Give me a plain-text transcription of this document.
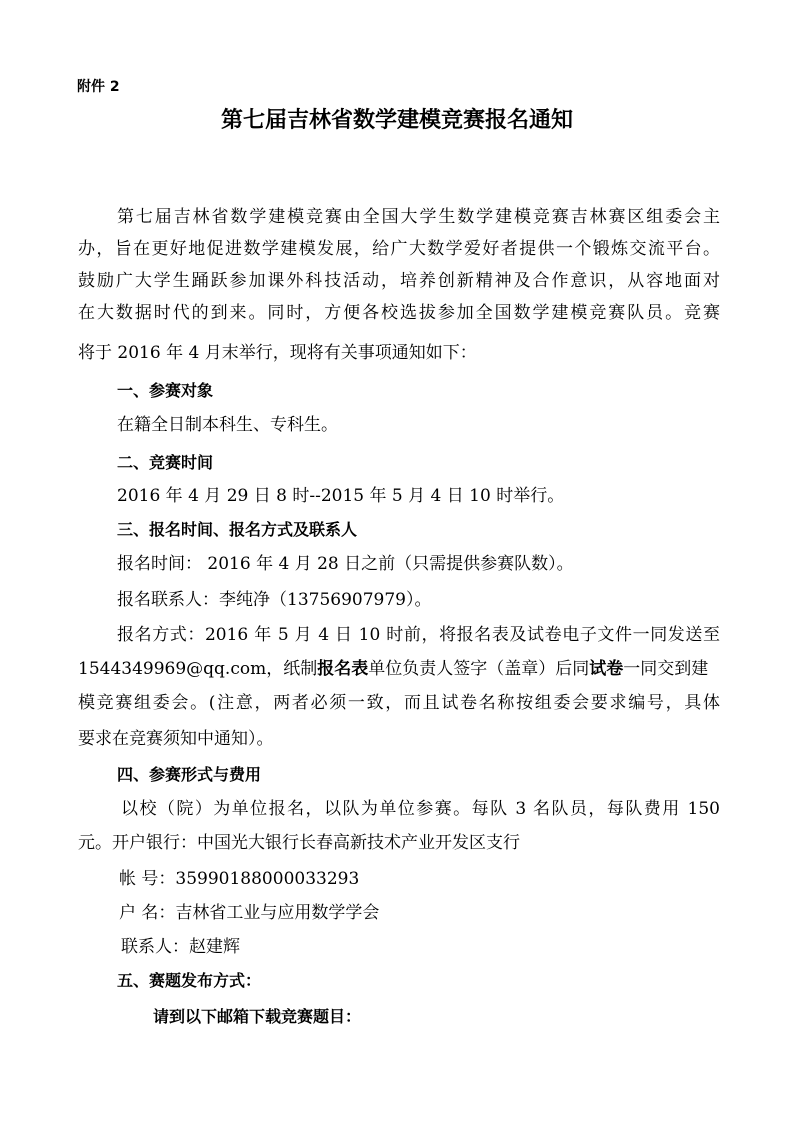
附件 2
第七届吉林省数学建模竞赛报名通知
第七届吉林省数学建模竞赛由全国大学生数学建模竞赛吉林赛区组委会主
办，旨在更好地促进数学建模发展，给广大数学爱好者提供一个锻炼交流平台。
鼓励广大学生踊跃参加课外科技活动，培养创新精神及合作意识，从容地面对
在大数据时代的到来。同时，方便各校选拔参加全国数学建模竞赛队员。竞赛
将于 2016 年 4 月末举行，现将有关事项通知如下：
一、参赛对象
在籍全日制本科生、专科生。
二、竞赛时间
2016 年 4 月 29 日 8 时--2015 年 5 月 4 日 10 时举行。
三、报名时间、报名方式及联系人
报名时间： 2016 年 4 月 28 日之前（只需提供参赛队数）。
报名联系人：李纯净（13756907979）。
报名方式：2016 年 5 月 4 日 10 时前，将报名表及试卷电子文件一同发送至
1544349969@qq.com，纸制报名表单位负责人签字（盖章）后同试卷一同交到建
模竞赛组委会。(注意，两者必须一致，而且试卷名称按组委会要求编号，具体
要求在竞赛须知中通知）。
四、参赛形式与费用
以校（院）为单位报名，以队为单位参赛。每队 3 名队员，每队费用 150
元。开户银行：中国光大银行长春高新技术产业开发区支行
帐 号：35990188000033293
户 名：吉林省工业与应用数学学会
联系人：赵建辉
五、赛题发布方式：
请到以下邮箱下载竞赛题目：
